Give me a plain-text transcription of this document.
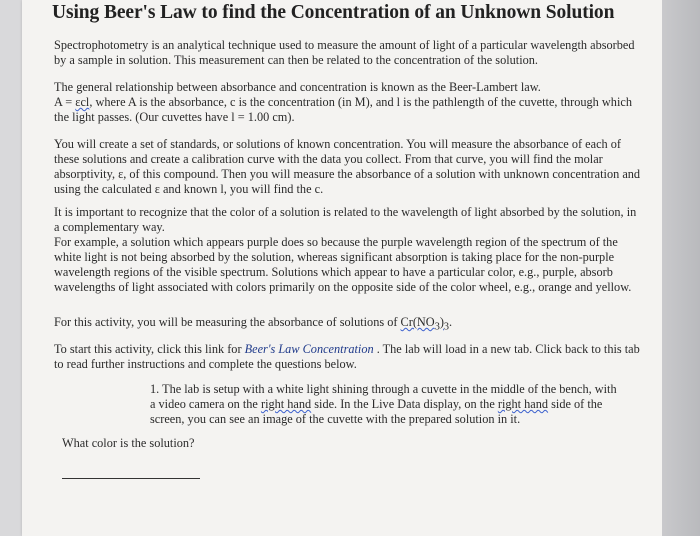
Using Beer's Law to find the Concentration of an Unknown Solution

Spectrophotometry is an analytical technique used to measure the amount of light of a particular wavelength absorbed by a sample in solution. This measurement can then be related to the concentration of the solution.

The general relationship between absorbance and concentration is known as the Beer-Lambert law.
A = εcl, where A is the absorbance, c is the concentration (in M), and l is the pathlength of the cuvette, through which the light passes. (Our cuvettes have l = 1.00 cm).

You will create a set of standards, or solutions of known concentration. You will measure the absorbance of each of these solutions and create a calibration curve with the data you collect. From that curve, you will find the molar absorptivity, ε, of this compound. Then you will measure the absorbance of a solution with unknown concentration and using the calculated ε and known l, you will find the c.

It is important to recognize that the color of a solution is related to the wavelength of light absorbed by the solution, in a complementary way.
For example, a solution which appears purple does so because the purple wavelength region of the spectrum of the white light is not being absorbed by the solution, whereas significant absorption is taking place for the non-purple wavelength regions of the visible spectrum. Solutions which appear to have a particular color, e.g., purple, absorb wavelengths of light associated with colors primarily on the opposite side of the color wheel, e.g., orange and yellow.

For this activity, you will be measuring the absorbance of solutions of $Cr(NO_3)_3$.

To start this activity, click this link for Beer's Law Concentration . The lab will load in a new tab. Click back to this tab to read further instructions and complete the questions below.

1. The lab is setup with a white light shining through a cuvette in the middle of the bench, with a video camera on the right hand side. In the Live Data display, on the right hand side of the screen, you can see an image of the cuvette with the prepared solution in it.

What color is the solution?
